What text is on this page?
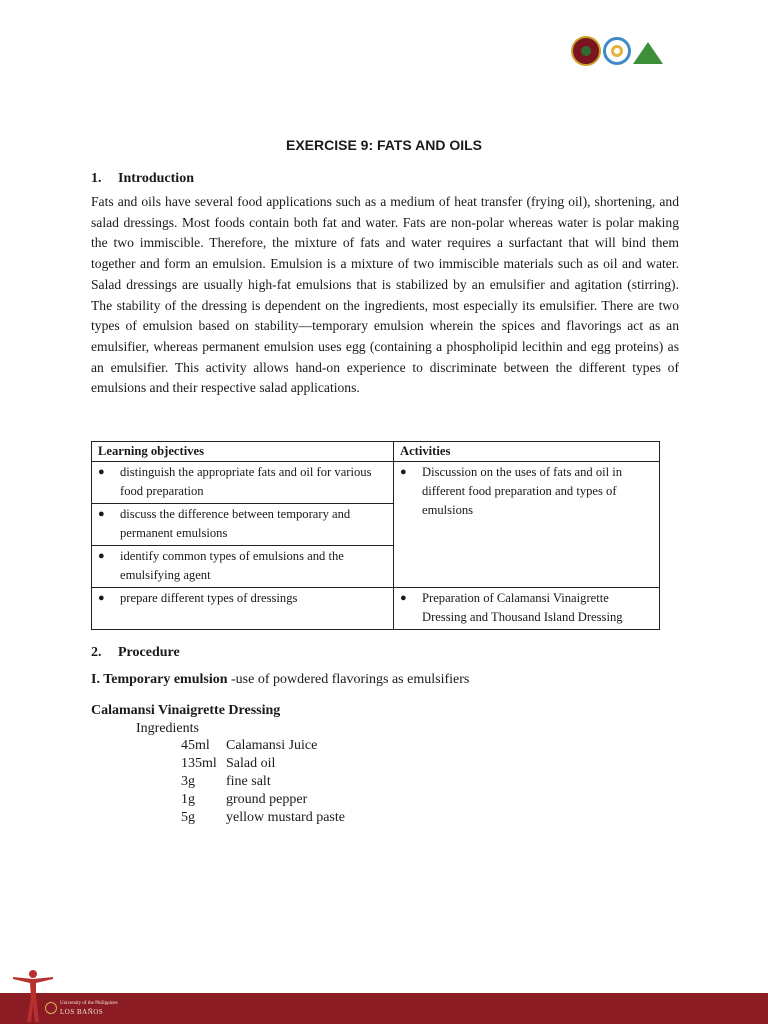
EXERCISE 9: FATS AND OILS
1. Introduction
Fats and oils have several food applications such as a medium of heat transfer (frying oil), shortening, and salad dressings. Most foods contain both fat and water. Fats are non-polar whereas water is polar making the two immiscible. Therefore, the mixture of fats and water requires a surfactant that will bind them together and form an emulsion. Emulsion is a mixture of two immiscible materials such as oil and water. Salad dressings are usually high-fat emulsions that is stabilized by an emulsifier and agitation (stirring). The stability of the dressing is dependent on the ingredients, most especially its emulsifier. There are two types of emulsion based on stability—temporary emulsion wherein the spices and flavorings act as an emulsifier, whereas permanent emulsion uses egg (containing a phospholipid lecithin and egg proteins) as an emulsifier. This activity allows hand-on experience to discriminate between the different types of emulsions and their respective salad applications.
Learning objectives	Activities

● distinguish the appropriate fats and oil for various food preparation	● Discussion on the uses of fats and oil in different food preparation and types of emulsions

● discuss the difference between temporary and permanent emulsions	

● identify common types of emulsions and the emulsifying agent	

● prepare different types of dressings	● Preparation of Calamansi Vinaigrette Dressing and Thousand Island Dressing
2. Procedure
I. Temporary emulsion -use of powdered flavorings as emulsifiers
Calamansi Vinaigrette Dressing
Ingredients
45ml Calamansi Juice
135ml Salad oil
3g fine salt
1g ground pepper
5g yellow mustard paste
University of the Philippines
LOS BAÑOS
